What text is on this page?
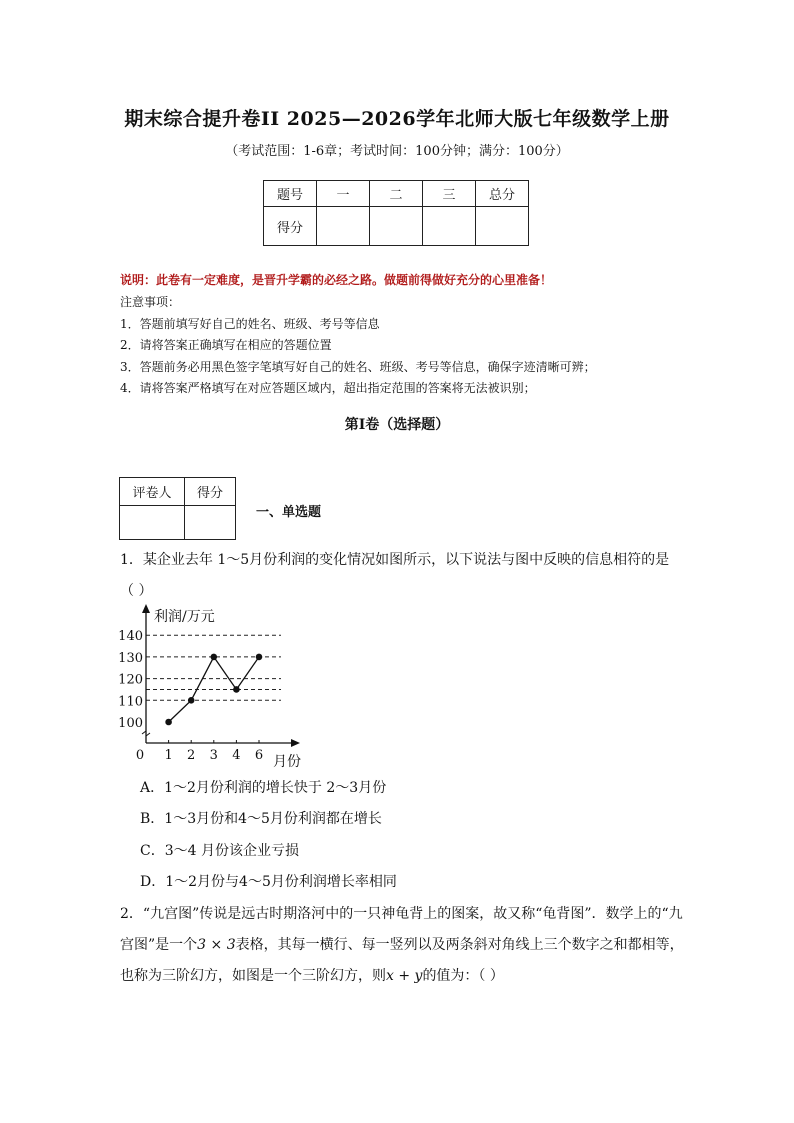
期末综合提升卷II 2025—2026学年北师大版七年级数学上册
（考试范围：1-6章；考试时间：100分钟；满分：100分）
题号	一	二	三	总分
得分				
说明：此卷有一定难度，是晋升学霸的必经之路。做题前得做好充分的心里准备！
注意事项：
1．答题前填写好自己的姓名、班级、考号等信息
2．请将答案正确填写在相应的答题位置
3．答题前务必用黑色签字笔填写好自己的姓名、班级、考号等信息，确保字迹清晰可辨；
4．请将答案严格填写在对应答题区域内，超出指定范围的答案将无法被识别；
第I卷（选择题）
评卷人	得分

一、单选题
1．某企业去年 1～5月份利润的变化情况如图所示，以下说法与图中反映的信息相符的是
（ ）
利润/万元
月份
0
100
110
120
130
140
1 2 3 4 6
A．1～2月份利润的增长快于 2～3月份
B．1～3月份和4～5月份利润都在增长
C．3～4 月份该企业亏损
D．1～2月份与4～5月份利润增长率相同
2．“九宫图”传说是远古时期洛河中的一只神龟背上的图案，故又称“龟背图”．数学上的“九
宫图”是一个3 × 3表格，其每一横行、每一竖列以及两条斜对角线上三个数字之和都相等，
也称为三阶幻方，如图是一个三阶幻方，则x + y的值为：（ ）
